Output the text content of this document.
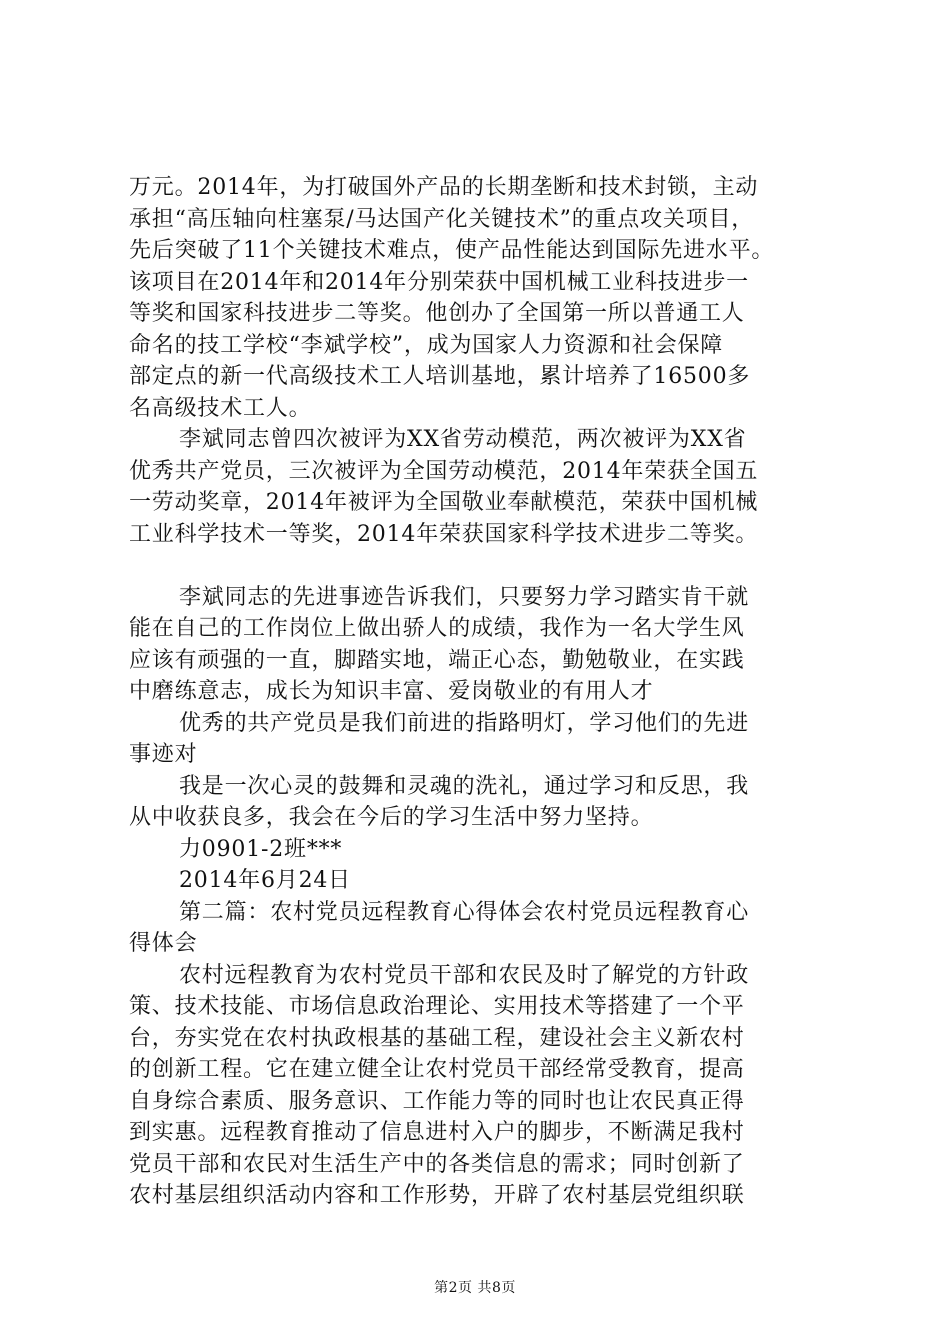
万元。2014年，为打破国外产品的长期垄断和技术封锁，主动
承担“高压轴向柱塞泵/马达国产化关键技术”的重点攻关项目，
先后突破了11个关键技术难点，使产品性能达到国际先进水平。
该项目在2014年和2014年分别荣获中国机械工业科技进步一
等奖和国家科技进步二等奖。他创办了全国第一所以普通工人
命名的技工学校“李斌学校”，成为国家人力资源和社会保障
部定点的新一代高级技术工人培训基地，累计培养了16500多
名高级技术工人。
李斌同志曾四次被评为XX省劳动模范，两次被评为XX省
优秀共产党员，三次被评为全国劳动模范，2014年荣获全国五
一劳动奖章，2014年被评为全国敬业奉献模范，荣获中国机械
工业科学技术一等奖，2014年荣获国家科学技术进步二等奖。
李斌同志的先进事迹告诉我们，只要努力学习踏实肯干就
能在自己的工作岗位上做出骄人的成绩，我作为一名大学生风
应该有顽强的一直，脚踏实地，端正心态，勤勉敬业，在实践
中磨练意志，成长为知识丰富、爱岗敬业的有用人才
优秀的共产党员是我们前进的指路明灯，学习他们的先进
事迹对
我是一次心灵的鼓舞和灵魂的洗礼，通过学习和反思，我
从中收获良多，我会在今后的学习生活中努力坚持。
力0901-2班***
2014年6月24日
第二篇：农村党员远程教育心得体会农村党员远程教育心
得体会
农村远程教育为农村党员干部和农民及时了解党的方针政
策、技术技能、市场信息政治理论、实用技术等搭建了一个平
台，夯实党在农村执政根基的基础工程，建设社会主义新农村
的创新工程。它在建立健全让农村党员干部经常受教育，提高
自身综合素质、服务意识、工作能力等的同时也让农民真正得
到实惠。远程教育推动了信息进村入户的脚步，不断满足我村
党员干部和农民对生活生产中的各类信息的需求；同时创新了
农村基层组织活动内容和工作形势，开辟了农村基层党组织联
第2页 共8页
